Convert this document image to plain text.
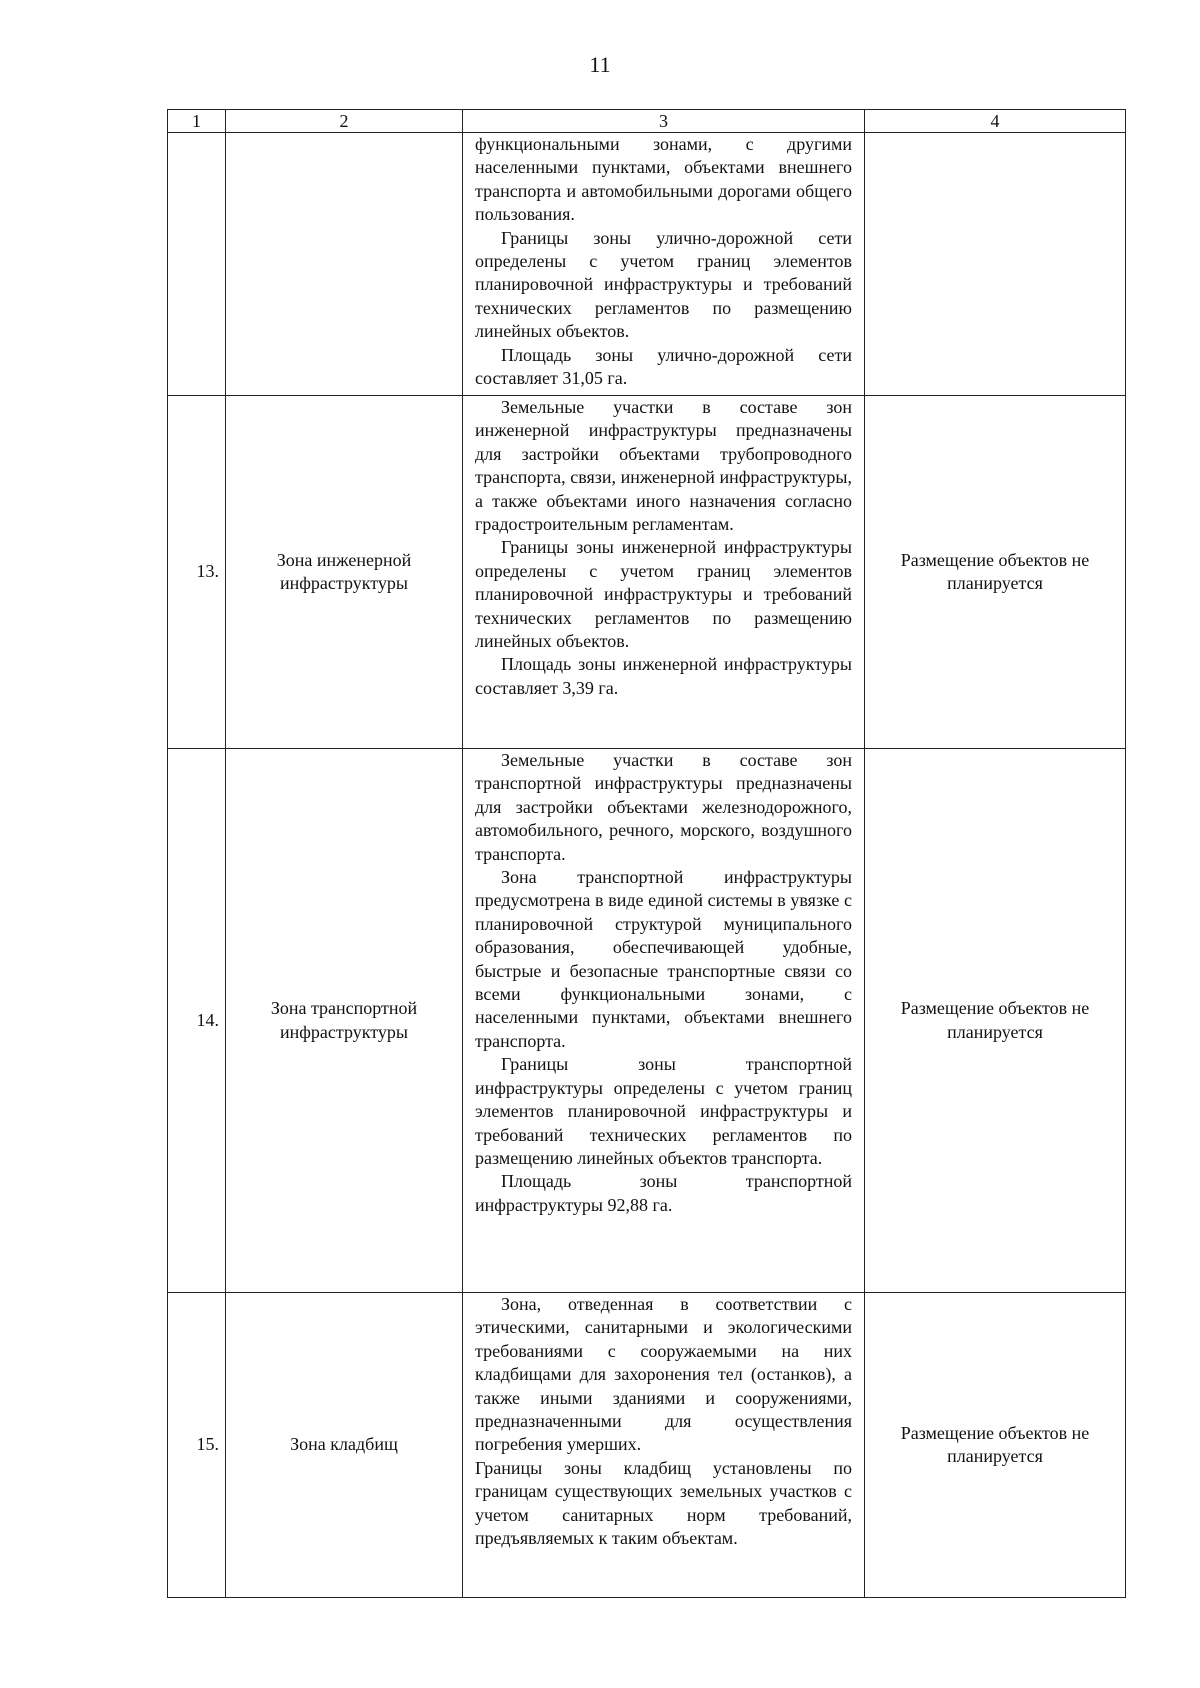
11
1	2	3	4

		функциональными зонами, с другими населенными пунктами, объектами внешнего транспорта и автомобильными дорогами общего пользования.

Границы зоны улично-дорожной сети определены с учетом границ элементов планировочной инфраструктуры и требований технических регламентов по размещению линейных объектов.

Площадь зоны улично-дорожной сети составляет 31,05 га.	

13.	Зона инженерной инфраструктуры	Земельные участки в составе зон инженерной инфраструктуры предназначены для застройки объектами трубопроводного транспорта, связи, инженерной инфраструктуры, а также объектами иного назначения согласно градостроительным регламентам.

Границы зоны инженерной инфраструктуры определены с учетом границ элементов планировочной инфраструктуры и требований технических регламентов по размещению линейных объектов.

Площадь зоны инженерной инфраструктуры составляет 3,39 га.	Размещение объектов не планируется
14.	Зона транспортной инфраструктуры	Земельные участки в составе зон транспортной инфраструктуры предназначены для застройки объектами железнодорожного, автомобильного, речного, морского, воздушного транспорта.

Зона транспортной инфраструктуры предусмотрена в виде единой системы в увязке с планировочной структурой муниципального образования, обеспечивающей удобные, быстрые и безопасные транспортные связи со всеми функциональными зонами, с населенными пунктами, объектами внешнего транспорта.

Границы зоны транспортной инфраструктуры определены с учетом границ элементов планировочной инфраструктуры и требований технических регламентов по размещению линейных объектов транспорта.

Площадь зоны транспортной инфраструктуры 92,88 га.	Размещение объектов не планируется
15.	Зона кладбищ	Зона, отведенная в соответствии с этическими, санитарными и экологическими требованиями с сооружаемыми на них кладбищами для захоронения тел (останков), а также иными зданиями и сооружениями, предназначенными для осуществления погребения умерших.

Границы зоны кладбищ установлены по границам существующих земельных участков с учетом санитарных норм требований, предъявляемых к таким объектам.	Размещение объектов не планируется
